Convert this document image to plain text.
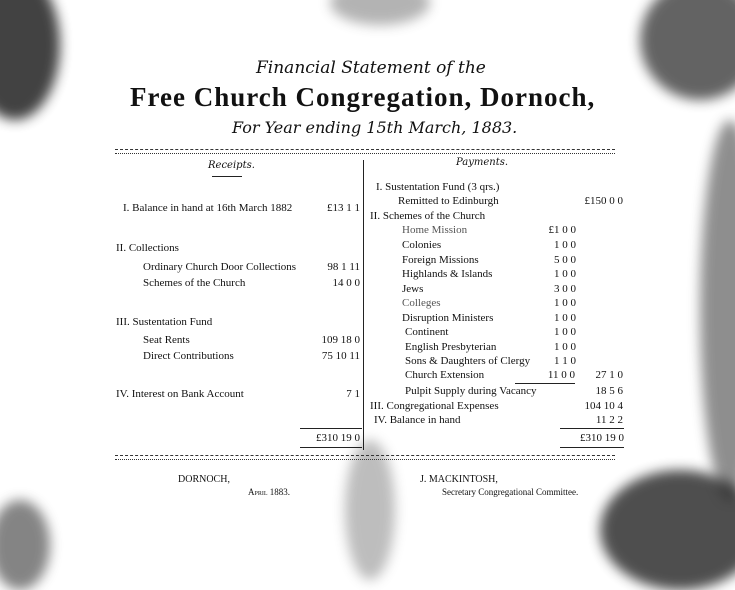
Financial Statement of the
Free Church Congregation, Dornoch,
For Year ending 15th March, 1883.
Receipts.
I. Balance in hand at 16th March 1882	£13 1 1
II. Collections
Ordinary Church Door Collections	98 1 11
Schemes of the Church	14 0 0
III. Sustentation Fund
Seat Rents	109 18 0
Direct Contributions	75 10 11
IV. Interest on Bank Account	7 1
£310 19 0
Payments.
I. Sustentation Fund (3 qrs.)
Remitted to Edinburgh	£150 0 0
II. Schemes of the Church
Home Mission	£1 0 0
Colonies	1 0 0
Foreign Missions	5 0 0
Highlands & Islands	1 0 0
Jews	3 0 0
Colleges	1 0 0
Disruption Ministers	1 0 0
Continent	1 0 0
English Presbyterian	1 0 0
Sons & Daughters of Clergy	1 1 0
Church Extension	11 0 0	27 1 0
Pulpit Supply during Vacancy	18 5 6
III. Congregational Expenses	104 10 4
IV. Balance in hand	11 2 2
£310 19 0
DORNOCH,
April 1883.
J. MACKINTOSH,
Secretary Congregational Committee.
